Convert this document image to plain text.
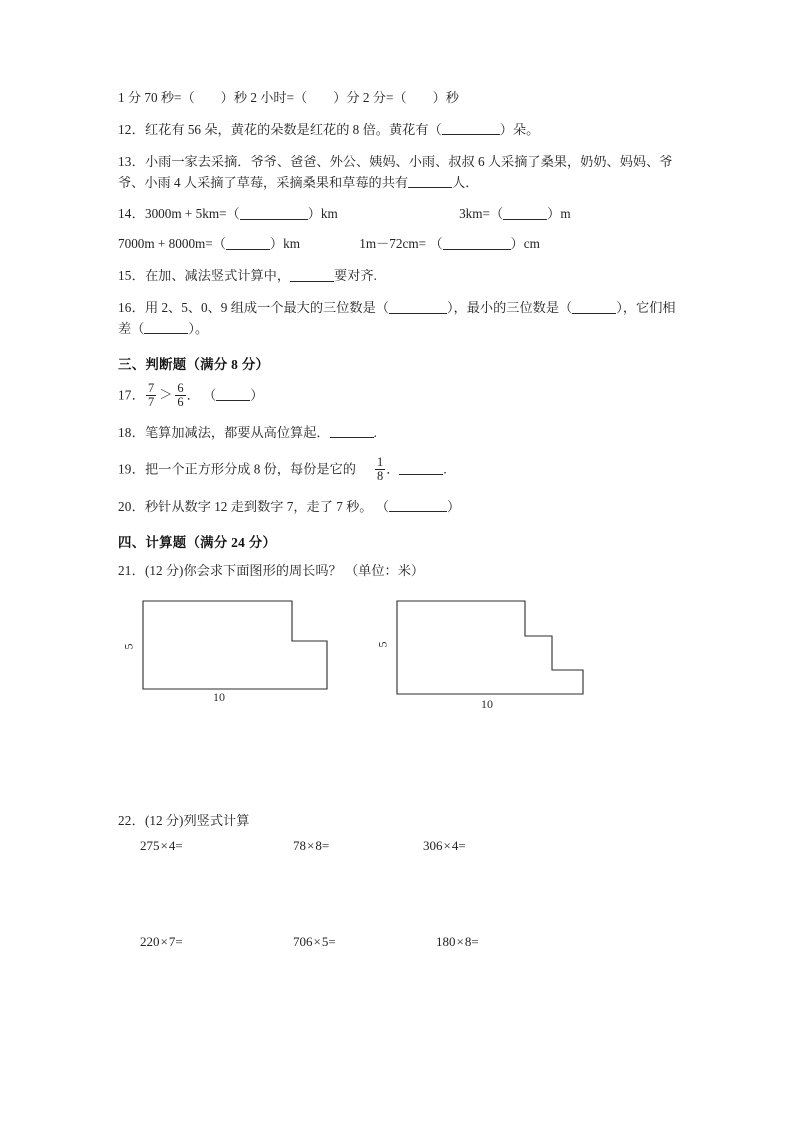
1 分 70 秒=（ ）秒 2 小时=（ ）分 2 分=（ ）秒
12．红花有 56 朵，黄花的朵数是红花的 8 倍。黄花有（	）朵。
13．小雨一家去采摘．爷爷、爸爸、外公、姨妈、小雨、叔叔 6 人采摘了桑果，奶奶、妈妈、爷爷、小雨 4 人采摘了草莓，采摘桑果和草莓的共有	人．
14．3000m + 5km=（	）km	3km=（	）m
7000m + 8000m=（	）km	1m－72cm= （	）cm
15．在加、减法竖式计算中，	要对齐.
16．用 2、5、0、9 组成一个最大的三位数是（	），最小的三位数是（	），它们相差（	）。
三、判断题（满分 8 分）
17． $\frac{7}{7} > \frac{6}{6}$ ． （	）
18．笔算加减法，都要从高位算起．	.
19．把一个正方形分成 8 份，每份是它的 $\frac{1}{8}$ ．	.
20．秒针从数字 12 走到数字 7，走了 7 秒。 （	）
四、计算题（满分 24 分）
21．(12 分)你会求下面图形的周长吗？ （单位：米）
5
10
5
10
22．(12 分)列竖式计算
275×4=	78×8=	306×4=
220×7=	706×5=	180×8=
